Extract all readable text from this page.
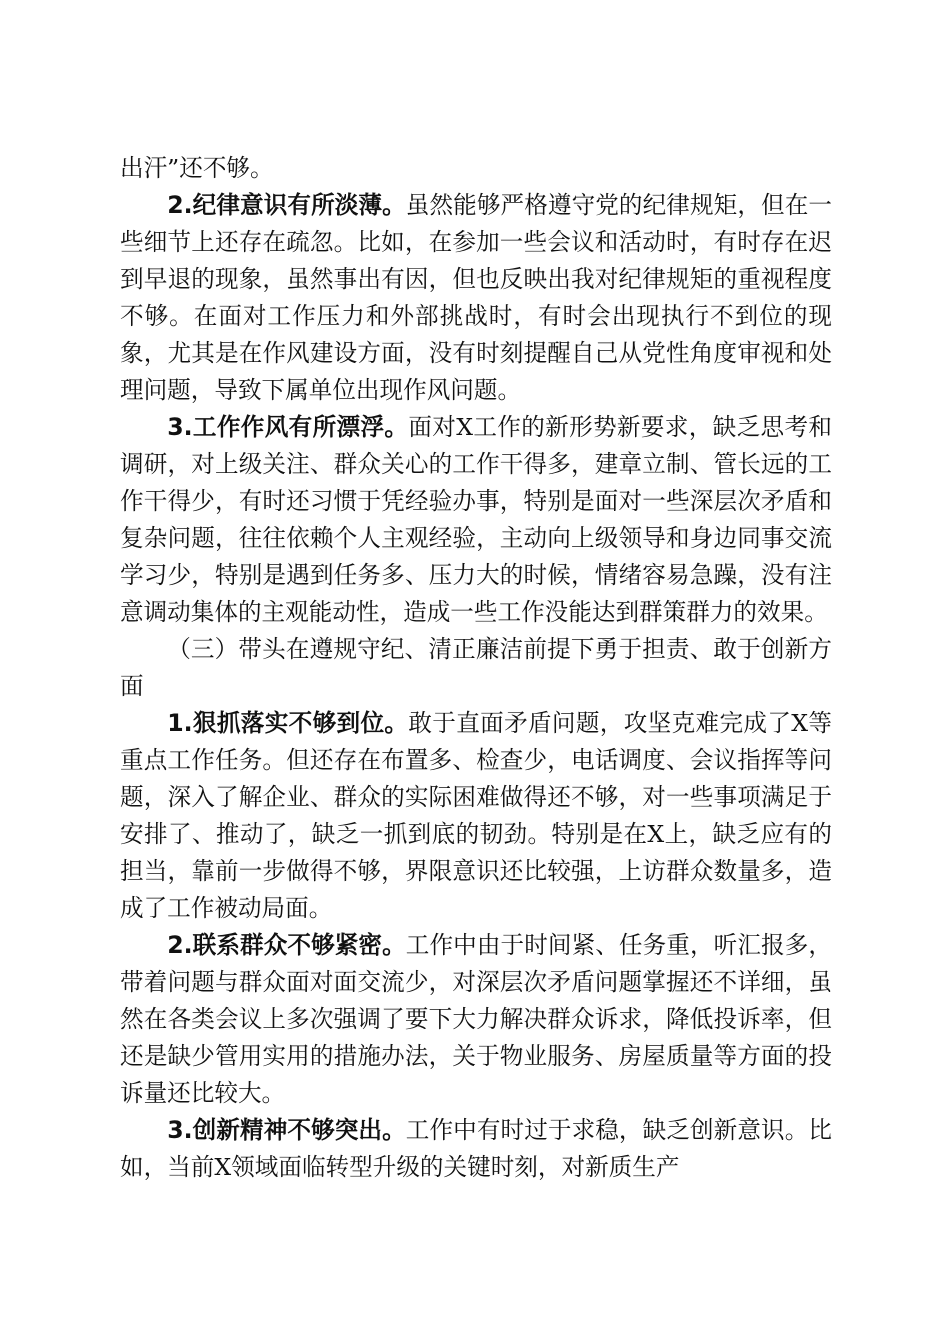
出汗”还不够。

2.纪律意识有所淡薄。虽然能够严格遵守党的纪律规矩，但在一些细节上还存在疏忽。比如，在参加一些会议和活动时，有时存在迟到早退的现象，虽然事出有因，但也反映出我对纪律规矩的重视程度不够。在面对工作压力和外部挑战时，有时会出现执行不到位的现象，尤其是在作风建设方面，没有时刻提醒自己从党性角度审视和处理问题，导致下属单位出现作风问题。

3.工作作风有所漂浮。面对X工作的新形势新要求，缺乏思考和调研，对上级关注、群众关心的工作干得多，建章立制、管长远的工作干得少，有时还习惯于凭经验办事，特别是面对一些深层次矛盾和复杂问题，往往依赖个人主观经验，主动向上级领导和身边同事交流学习少，特别是遇到任务多、压力大的时候，情绪容易急躁，没有注意调动集体的主观能动性，造成一些工作没能达到群策群力的效果。

（三）带头在遵规守纪、清正廉洁前提下勇于担责、敢于创新方面

1.狠抓落实不够到位。敢于直面矛盾问题，攻坚克难完成了X等重点工作任务。但还存在布置多、检查少，电话调度、会议指挥等问题，深入了解企业、群众的实际困难做得还不够，对一些事项满足于安排了、推动了，缺乏一抓到底的韧劲。特别是在X上，缺乏应有的担当，靠前一步做得不够，界限意识还比较强，上访群众数量多，造成了工作被动局面。

2.联系群众不够紧密。工作中由于时间紧、任务重，听汇报多，带着问题与群众面对面交流少，对深层次矛盾问题掌握还不详细，虽然在各类会议上多次强调了要下大力解决群众诉求，降低投诉率，但还是缺少管用实用的措施办法，关于物业服务、房屋质量等方面的投诉量还比较大。

3.创新精神不够突出。工作中有时过于求稳，缺乏创新意识。比如，当前X领域面临转型升级的关键时刻，对新质生产
